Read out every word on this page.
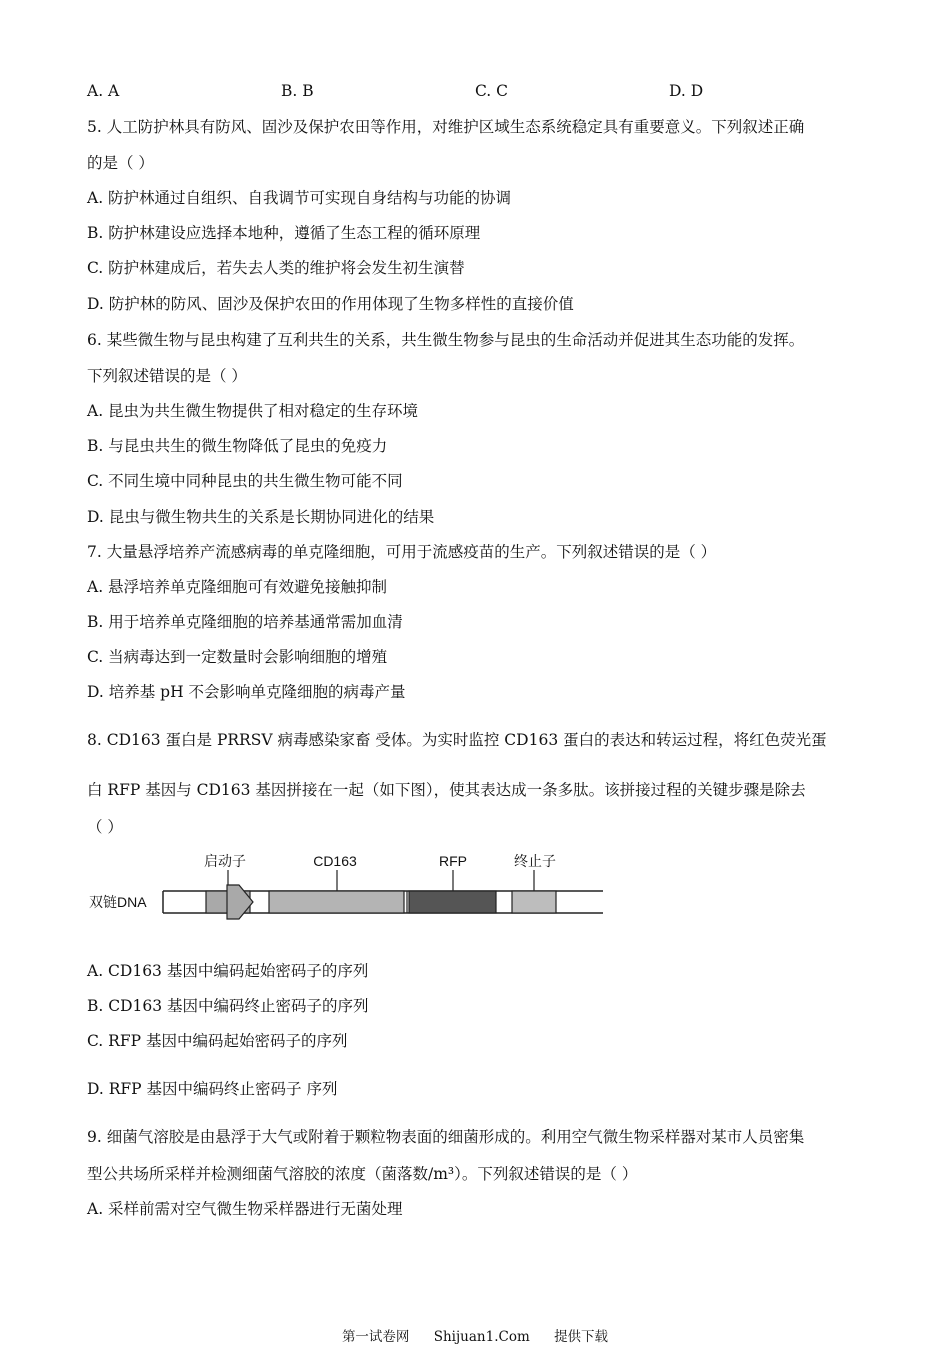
A. A	B. B	C. C	D. D
5. 人工防护林具有防风、固沙及保护农田等作用，对维护区域生态系统稳定具有重要意义。下列叙述正确
的是（ ）
A. 防护林通过自组织、自我调节可实现自身结构与功能的协调
B. 防护林建设应选择本地种，遵循了生态工程的循环原理
C. 防护林建成后，若失去人类的维护将会发生初生演替
D. 防护林的防风、固沙及保护农田的作用体现了生物多样性的直接价值
6. 某些微生物与昆虫构建了互利共生的关系，共生微生物参与昆虫的生命活动并促进其生态功能的发挥。
下列叙述错误的是（ ）
A. 昆虫为共生微生物提供了相对稳定的生存环境
B. 与昆虫共生的微生物降低了昆虫的免疫力
C. 不同生境中同种昆虫的共生微生物可能不同
D. 昆虫与微生物共生的关系是长期协同进化的结果
7. 大量悬浮培养产流感病毒的单克隆细胞，可用于流感疫苗的生产。下列叙述错误的是（ ）
A. 悬浮培养单克隆细胞可有效避免接触抑制
B. 用于培养单克隆细胞的培养基通常需加血清
C. 当病毒达到一定数量时会影响细胞的增殖
D. 培养基 pH 不会影响单克隆细胞的病毒产量
8. CD163 蛋白是 PRRSV 病毒感染家畜 受体。为实时监控 CD163 蛋白的表达和转运过程，将红色荧光蛋
白 RFP 基因与 CD163 基因拼接在一起（如下图），使其表达成一条多肽。该拼接过程的关键步骤是除去
（ ）
启动子	CD163	RFP	终止子
双链DNA
A. CD163 基因中编码起始密码子的序列
B. CD163 基因中编码终止密码子的序列
C. RFP 基因中编码起始密码子的序列
D. RFP 基因中编码终止密码子 序列
9. 细菌气溶胶是由悬浮于大气或附着于颗粒物表面的细菌形成的。利用空气微生物采样器对某市人员密集
型公共场所采样并检测细菌气溶胶的浓度（菌落数/m³）。下列叙述错误的是（ ）
A. 采样前需对空气微生物采样器进行无菌处理
第一试卷网 Shijuan1.Com 提供下载
